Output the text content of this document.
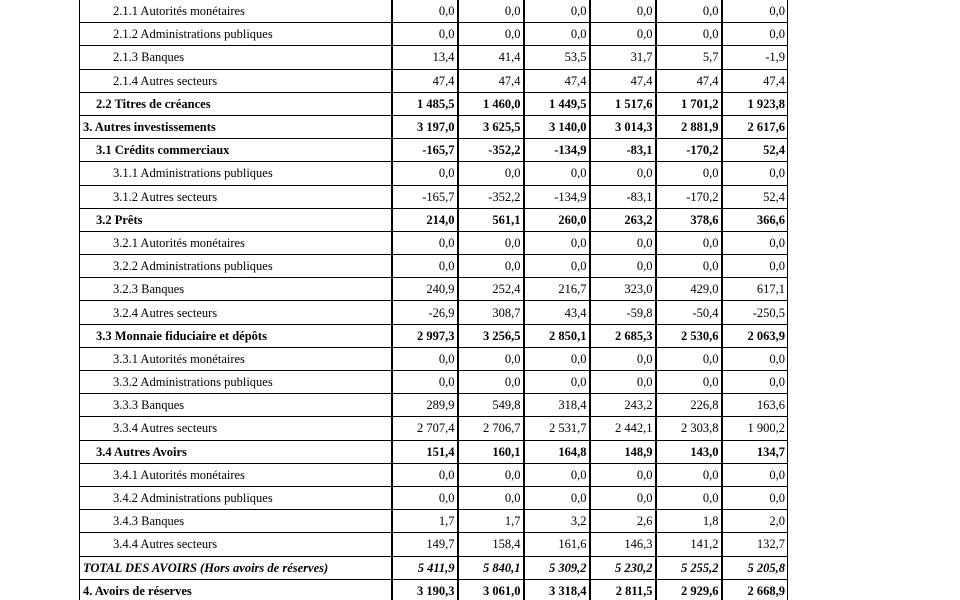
2.1.1 Autorités monétaires	0,0	0,0	0,0	0,0	0,0	0,0
2.1.2 Administrations publiques	0,0	0,0	0,0	0,0	0,0	0,0
2.1.3 Banques	13,4	41,4	53,5	31,7	5,7	-1,9
2.1.4 Autres secteurs	47,4	47,4	47,4	47,4	47,4	47,4
2.2 Titres de créances	1 485,5	1 460,0	1 449,5	1 517,6	1 701,2	1 923,8
3. Autres investissements	3 197,0	3 625,5	3 140,0	3 014,3	2 881,9	2 617,6
3.1 Crédits commerciaux	-165,7	-352,2	-134,9	-83,1	-170,2	52,4
3.1.1 Administrations publiques	0,0	0,0	0,0	0,0	0,0	0,0
3.1.2 Autres secteurs	-165,7	-352,2	-134,9	-83,1	-170,2	52,4
3.2 Prêts	214,0	561,1	260,0	263,2	378,6	366,6
3.2.1 Autorités monétaires	0,0	0,0	0,0	0,0	0,0	0,0
3.2.2 Administrations publiques	0,0	0,0	0,0	0,0	0,0	0,0
3.2.3 Banques	240,9	252,4	216,7	323,0	429,0	617,1
3.2.4 Autres secteurs	-26,9	308,7	43,4	-59,8	-50,4	-250,5
3.3 Monnaie fiduciaire et dépôts	2 997,3	3 256,5	2 850,1	2 685,3	2 530,6	2 063,9
3.3.1 Autorités monétaires	0,0	0,0	0,0	0,0	0,0	0,0
3.3.2 Administrations publiques	0,0	0,0	0,0	0,0	0,0	0,0
3.3.3 Banques	289,9	549,8	318,4	243,2	226,8	163,6
3.3.4 Autres secteurs	2 707,4	2 706,7	2 531,7	2 442,1	2 303,8	1 900,2
3.4 Autres Avoirs	151,4	160,1	164,8	148,9	143,0	134,7
3.4.1 Autorités monétaires	0,0	0,0	0,0	0,0	0,0	0,0
3.4.2 Administrations publiques	0,0	0,0	0,0	0,0	0,0	0,0
3.4.3 Banques	1,7	1,7	3,2	2,6	1,8	2,0
3.4.4 Autres secteurs	149,7	158,4	161,6	146,3	141,2	132,7
TOTAL DES AVOIRS (Hors avoirs de réserves)	5 411,9	5 840,1	5 309,2	5 230,2	5 255,2	5 205,8
4. Avoirs de réserves	3 190,3	3 061,0	3 318,4	2 811,5	2 929,6	2 668,9
